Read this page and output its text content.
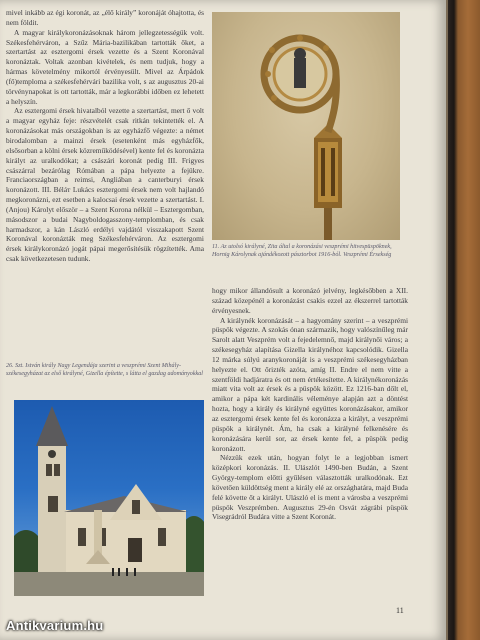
mivel inkább az égi koronát, az „élő király” koronáját óhajtotta, és nem földit.

A magyar királykoronázásoknak három jellegzetességük volt. Székesfehérváron, a Szűz Mária-bazilikában tartották őket, a szertartást az esztergomi érsek vezette és a Szent Koronával koronáztak. Voltak azonban kivételek, és nem tudjuk, hogy a hármas követelmény mikortól érvényesült. Mivel az Árpádok (fő)temploma a székesfehérvári bazilika volt, s az augusztus 20-ai törvénynapokat is ott tartották, már a legkorábbi időben ez lehetett a helyszín.

Az esztergomi érsek hivatalból vezette a szertartást, mert ő volt a magyar egyház feje: részvételét csak ritkán tekintették el. A koronázásokat más országokban is az egyházfő végezte: a német birodalomban a mainzi érsek (esetenként más egyházfők, elsősorban a kölni érsek közreműködésével) kentе fel és koronázta királyt az uralkodókat; a császári koronát pedig III. Frigyes császárral bezárólag Rómában a pápa helyezte a fejükre. Franciaországban a reimsi, Angliában a canterburyi érsek koronázott. III. Béláт Lukács esztergomi érsek nem volt hajlandó megkoronázni, ezt esetben a kalocsai érsek vezette a szertartást. I. (Anjou) Károlyt először – a Szent Korona nélkül – Esztergomban, másodszor a budai Nagyboldogasszony-templomban, és csak harmadszor, a kán László erdélyi vajdától visszakapott Szent Koronával koronázták meg Székesfehérváron. Az esztergomi érsek királykoronázó jogát pápai megerősítésük rögzítették. Ama csak következetesen tudunk.

26. Szt. István király Nagy Legendája szerint a veszprémi Szent Mihály-székesegyházat az első királyné, Gizella építette, s látta el gazdag adományokkal

11. Az utolsó királyné, Zita által a koronázási veszprémi hitvespüspöknek, Hornig Károlynak ajándékozott pásztorbot 1916-ból. Veszprémi Érsekség

hogy mikor állandósult a koronázó jelvény, legkésőbben a XII. század közepénél a koronázást csakis ezzel az ékszerrel tartották érvényesnek.

A királynék koronázását – a hagyomány szerint – a veszprémi püspök végezte. A szokás ónan származik, hogy valószínűleg már Sarolt alatt Veszprém volt a fejedelemnő, majd királynői város; a székesegyház alapítása Gizella királynéhoz kapcsolódik. Gizella 12 márka súlyú aranykoronáját is a veszprémi székesegyházban helyezte el. Ott őrizték azóta, amíg II. Endre el nem vitte a szentföldi hadjáratra és ott nem értékesítette. A királynékoronázás miatt vita volt az érsek és a püspök között. Ez 1216-ban dőlt el, amikor a pápa két kardinális véleménye alapján azt a döntést hozta, hogy a király és királyné együttes koronázásakor, amikor az esztergomi érsek kente fel és koronázza a királyt, a veszprémi püspök a királynét. Ám, ha csak a királyné felkenésére és koronázására kerül sor, az érsek kente fel, a püspök pedig koronázott.

Nézzük ezek után, hogyan folyt le a legjobban ismert középkori koronázás. II. Ulászlót 1490-ben Budán, a Szent György-templom előtti gyűlésen választották uralkodónak. Ezt követően küldöttség ment a király elé az országhatára, majd Buda felé követte őt a királyt. Ulászló el is ment a városba a veszprémi püspök Veszprémben. Augusztus 29-én Osvát zágrábi püspök Visegrádról Budára vitte a Szent Koronát.

11
Antikvarium.hu
